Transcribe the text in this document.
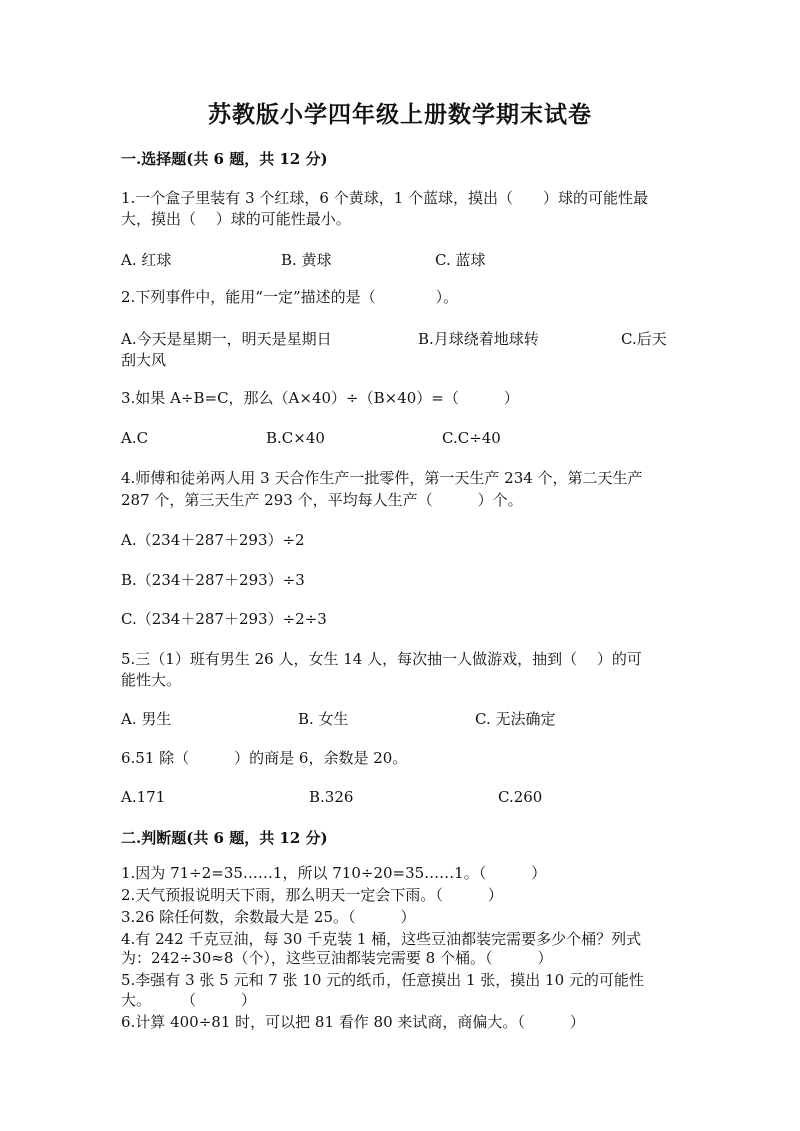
苏教版小学四年级上册数学期末试卷
一.选择题(共 6 题，共 12 分)
1.一个盒子里装有 3 个红球，6 个黄球，1 个蓝球，摸出（　　）球的可能性最
大，摸出（　 ）球的可能性最小。
A. 红球	B. 黄球	C. 蓝球
2.下列事件中，能用“一定”描述的是（　　　　）。
A.今天是星期一，明天是星期日	B.月球绕着地球转	C.后天
刮大风
3.如果 A÷B=C，那么（A×40）÷（B×40）=（　　　）
A.C	B.C×40	C.C÷40
4.师傅和徒弟两人用 3 天合作生产一批零件，第一天生产 234 个，第二天生产
287 个，第三天生产 293 个，平均每人生产（　　　）个。
A.（234＋287＋293）÷2
B.（234＋287＋293）÷3
C.（234＋287＋293）÷2÷3
5.三（1）班有男生 26 人，女生 14 人，每次抽一人做游戏，抽到（　 ）的可
能性大。
A. 男生	B. 女生	C. 无法确定
6.51 除（　　　）的商是 6，余数是 20。
A.171	B.326	C.260
二.判断题(共 6 题，共 12 分)
1.因为 71÷2=35……1，所以 710÷20=35……1。（　　　）
2.天气预报说明天下雨，那么明天一定会下雨。（　　　）
3.26 除任何数，余数最大是 25。（　　　）
4.有 242 千克豆油，每 30 千克装 1 桶，这些豆油都装完需要多少个桶？列式
为：242÷30≈8（个），这些豆油都装完需要 8 个桶。（　　　）
5.李强有 3 张 5 元和 7 张 10 元的纸币，任意摸出 1 张，摸出 10 元的可能性
大。　　　（　　　）
6.计算 400÷81 时，可以把 81 看作 80 来试商，商偏大。（　　　）
